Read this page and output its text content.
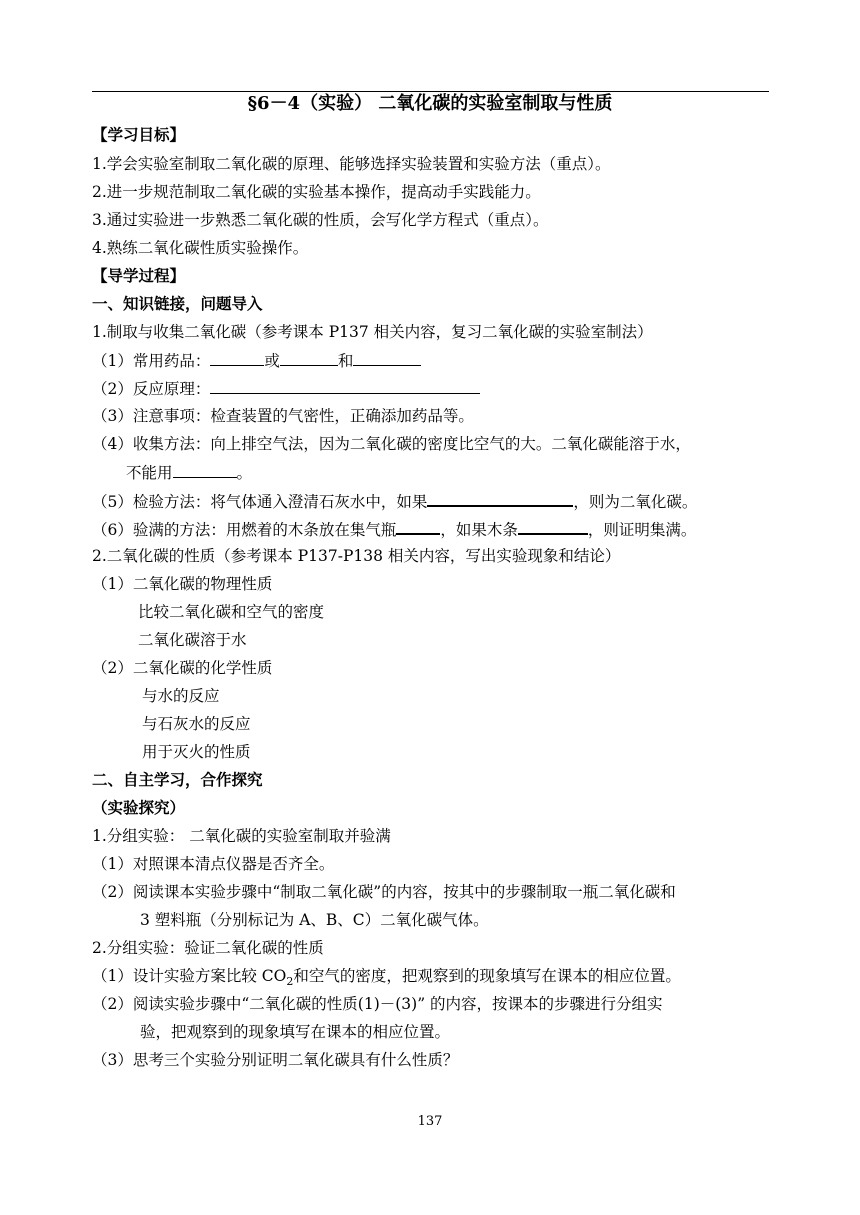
§6－4（实验） 二氧化碳的实验室制取与性质
【学习目标】
1.学会实验室制取二氧化碳的原理、能够选择实验装置和实验方法（重点）。
2.进一步规范制取二氧化碳的实验基本操作，提高动手实践能力。
3.通过实验进一步熟悉二氧化碳的性质，会写化学方程式（重点）。
4.熟练二氧化碳性质实验操作。
【导学过程】
一、知识链接，问题导入
1.制取与收集二氧化碳（参考课本 P137 相关内容，复习二氧化碳的实验室制法）
（1）常用药品：	或	和
（2）反应原理：
（3）注意事项：检查装置的气密性，正确添加药品等。
（4）收集方法：向上排空气法，因为二氧化碳的密度比空气的大。二氧化碳能溶于水，
不能用	。
（5）检验方法：将气体通入澄清石灰水中，如果	，则为二氧化碳。
（6）验满的方法：用燃着的木条放在集气瓶	，如果木条	，则证明集满。
2.二氧化碳的性质（参考课本 P137-P138 相关内容，写出实验现象和结论）
（1）二氧化碳的物理性质
比较二氧化碳和空气的密度
二氧化碳溶于水
（2）二氧化碳的化学性质
与水的反应
与石灰水的反应
用于灭火的性质
二、自主学习，合作探究
（实验探究）
1.分组实验： 二氧化碳的实验室制取并验满
（1）对照课本清点仪器是否齐全。
（2）阅读课本实验步骤中“制取二氧化碳”的内容，按其中的步骤制取一瓶二氧化碳和
3 塑料瓶（分别标记为 A、B、C）二氧化碳气体。
2.分组实验：验证二氧化碳的性质
（1）设计实验方案比较 $CO_2$和空气的密度，把观察到的现象填写在课本的相应位置。
（2）阅读实验步骤中“二氧化碳的性质(1)－(3)” 的内容，按课本的步骤进行分组实
验，把观察到的现象填写在课本的相应位置。
（3）思考三个实验分别证明二氧化碳具有什么性质？
137
